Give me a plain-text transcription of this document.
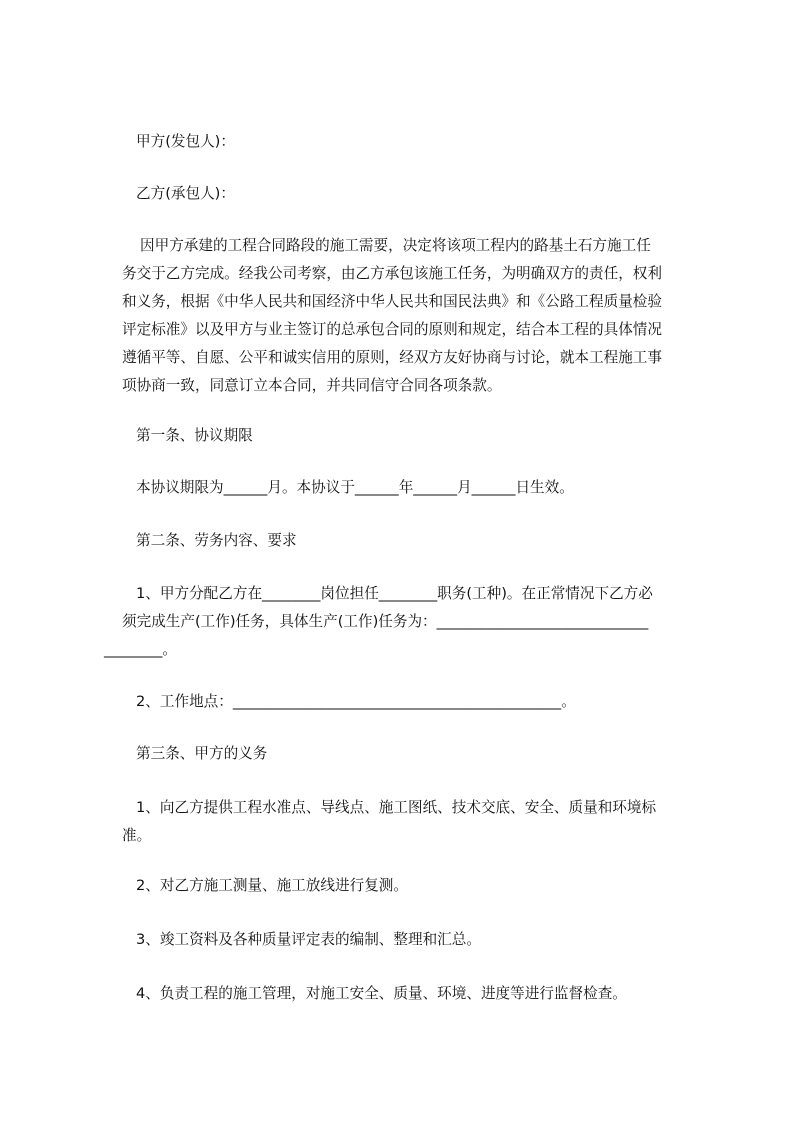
甲方(发包人)：
乙方(承包人)：
因甲方承建的工程合同路段的施工需要，决定将该项工程内的路基土石方施工任
务交于乙方完成。经我公司考察，由乙方承包该施工任务，为明确双方的责任，权利
和义务，根据《中华人民共和国经济中华人民共和国民法典》和《公路工程质量检验
评定标准》以及甲方与业主签订的总承包合同的原则和规定，结合本工程的具体情况
遵循平等、自愿、公平和诚实信用的原则，经双方友好协商与讨论，就本工程施工事
项协商一致，同意订立本合同，并共同信守合同各项条款。
第一条、协议期限
本协议期限为______月。本协议于______年______月______日生效。
第二条、劳务内容、要求
1、甲方分配乙方在________岗位担任________职务(工种)。在正常情况下乙方必
须完成生产(工作)任务，具体生产(工作)任务为：_____________________________
________。
2、工作地点：_____________________________________________。
第三条、甲方的义务
1、向乙方提供工程水准点、导线点、施工图纸、技术交底、安全、质量和环境标
准。
2、对乙方施工测量、施工放线进行复测。
3、竣工资料及各种质量评定表的编制、整理和汇总。
4、负责工程的施工管理，对施工安全、质量、环境、进度等进行监督检查。
